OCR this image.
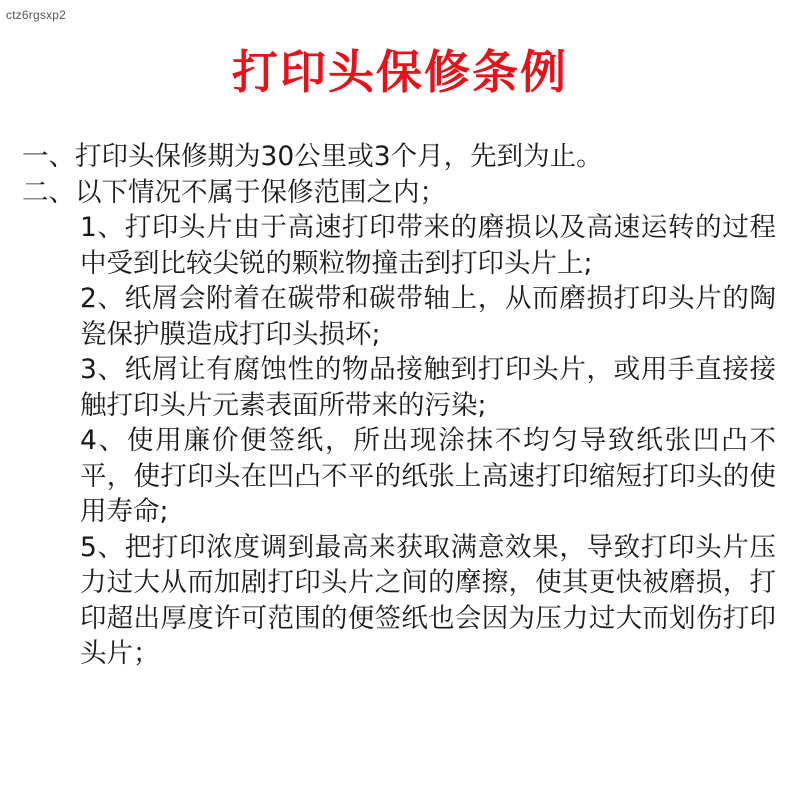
ctz6rgsxp2
打印头保修条例
一、打印头保修期为30公里或3个月，先到为止。
二、以下情况不属于保修范围之内；
1、打印头片由于高速打印带来的磨损以及高速运转的过程中受到比较尖锐的颗粒物撞击到打印头片上;
2、纸屑会附着在碳带和碳带轴上，从而磨损打印头片的陶瓷保护膜造成打印头损坏;
3、纸屑让有腐蚀性的物品接触到打印头片，或用手直接接触打印头片元素表面所带来的污染;
4、使用廉价便签纸，所出现涂抹不均匀导致纸张凹凸不平，使打印头在凹凸不平的纸张上高速打印缩短打印头的使用寿命;
5、把打印浓度调到最高来获取满意效果，导致打印头片压力过大从而加剧打印头片之间的摩擦，使其更快被磨损，打印超出厚度许可范围的便签纸也会因为压力过大而划伤打印头片；
